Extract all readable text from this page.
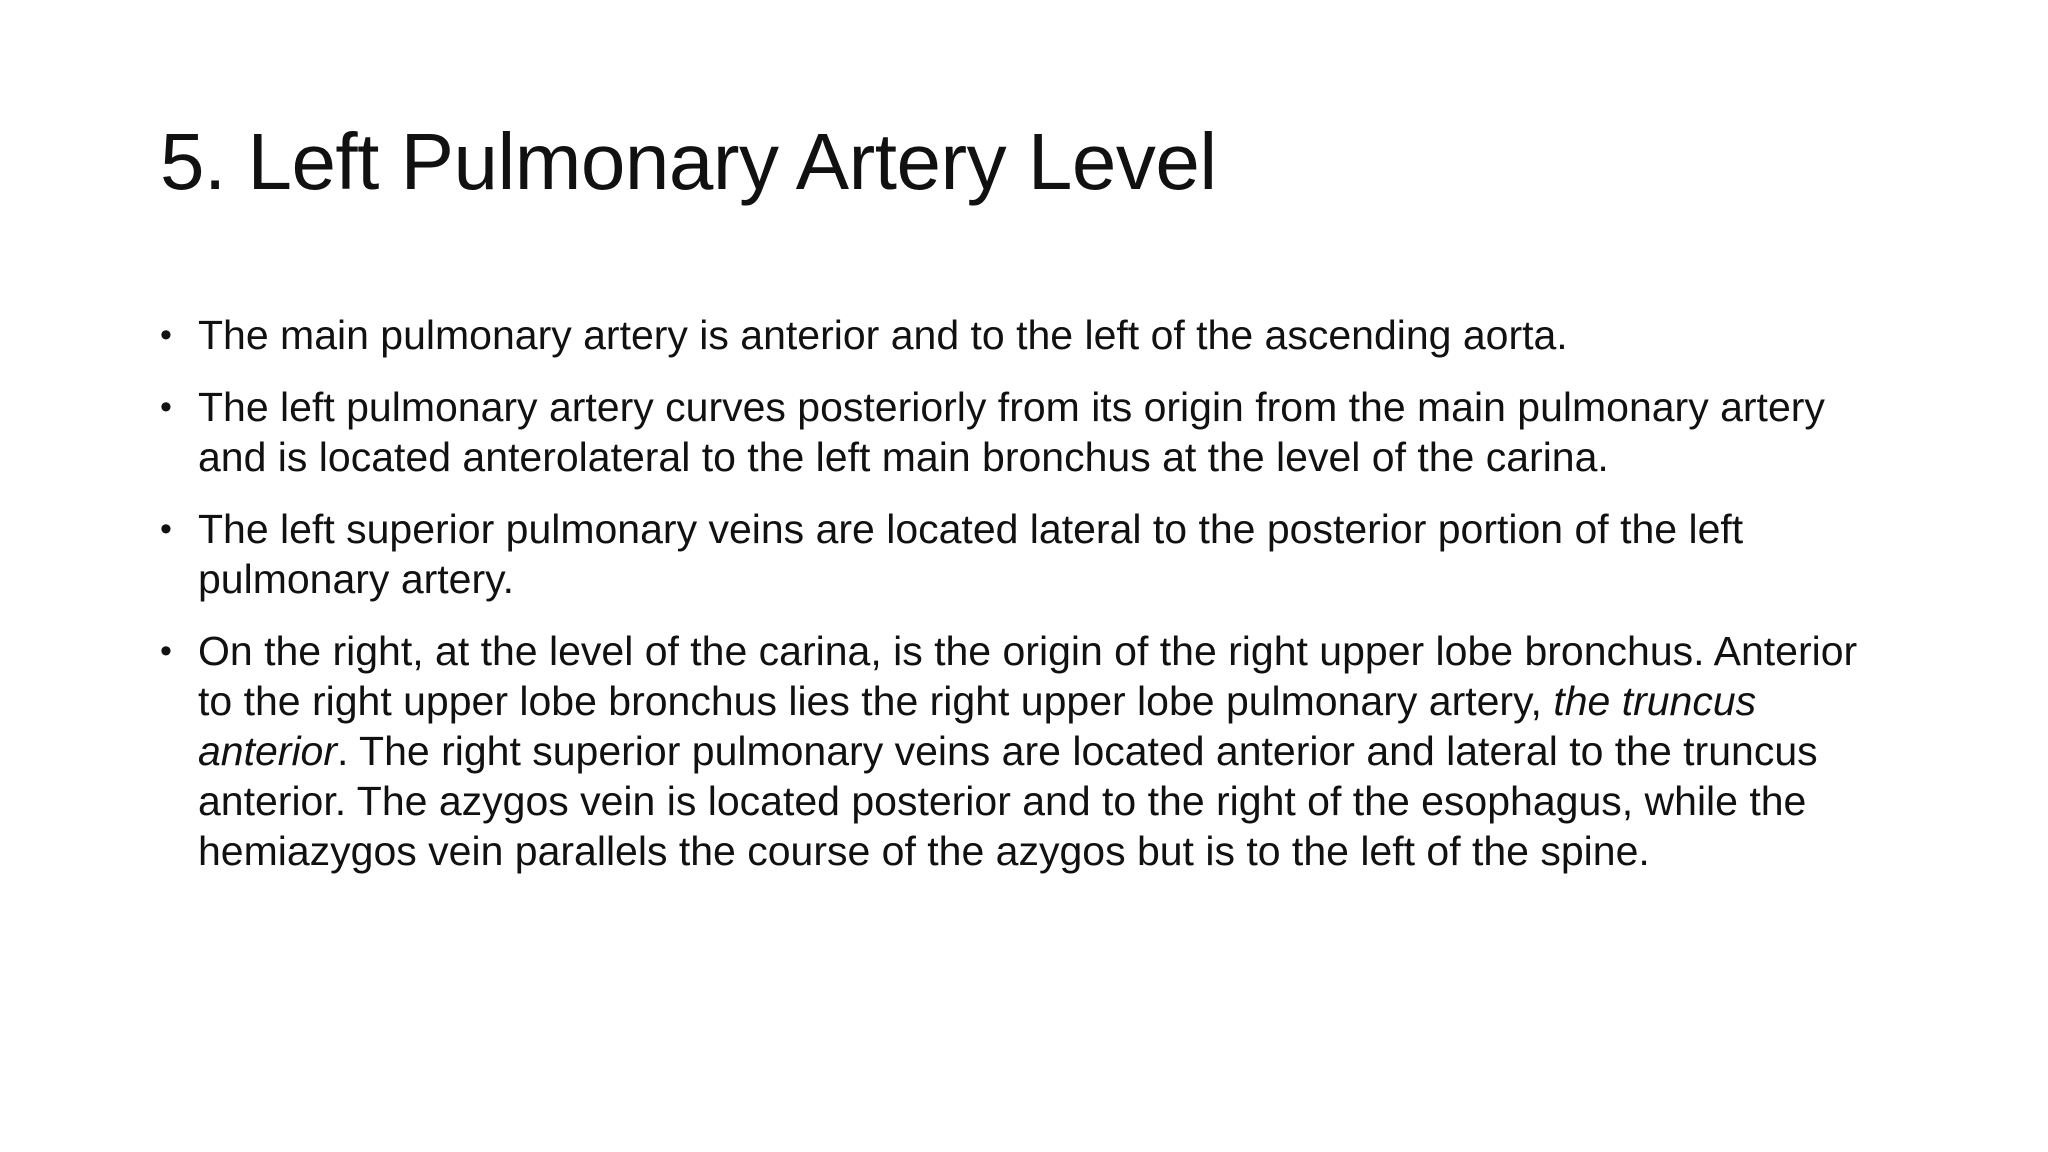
5. Left Pulmonary Artery Level
• The main pulmonary artery is anterior and to the left of the ascending aorta.
• The left pulmonary artery curves posteriorly from its origin from the main pulmonary artery and is located anterolateral to the left main bronchus at the level of the carina.
• The left superior pulmonary veins are located lateral to the posterior portion of the left pulmonary artery.
• On the right, at the level of the carina, is the origin of the right upper lobe bronchus. Anterior to the right upper lobe bronchus lies the right upper lobe pulmonary artery, the truncus anterior. The right superior pulmonary veins are located anterior and lateral to the truncus anterior. The azygos vein is located posterior and to the right of the esophagus, while the hemiazygos vein parallels the course of the azygos but is to the left of the spine.
